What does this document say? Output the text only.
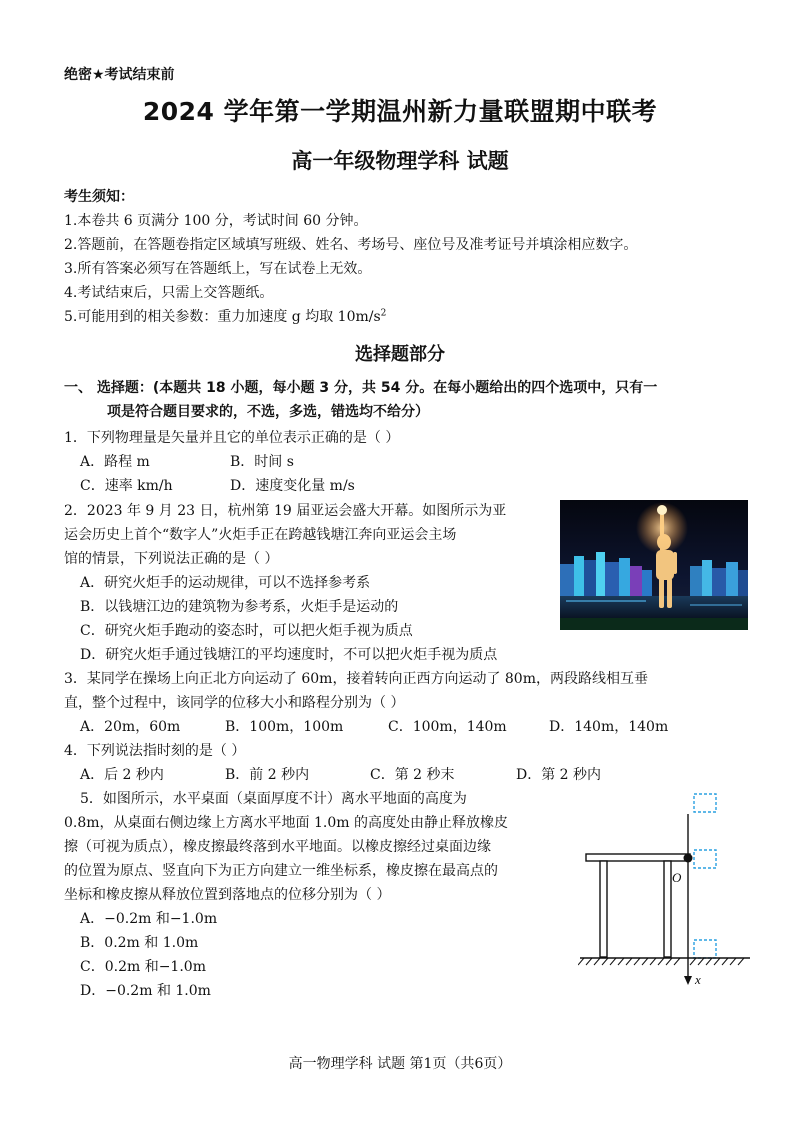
绝密★考试结束前
2024 学年第一学期温州新力量联盟期中联考
高一年级物理学科 试题
考生须知：
1.本卷共 6 页满分 100 分，考试时间 60 分钟。
2.答题前，在答题卷指定区域填写班级、姓名、考场号、座位号及准考证号并填涂相应数字。
3.所有答案必须写在答题纸上，写在试卷上无效。
4.考试结束后，只需上交答题纸。
5.可能用到的相关参数：重力加速度 g 均取 $10m/s^2$
选择题部分
一、 选择题：(本题共 18 小题，每小题 3 分，共 54 分。在每小题给出的四个选项中，只有一
项是符合题目要求的，不选，多选，错选均不给分）
1．下列物理量是矢量并且它的单位表示正确的是（ ）
A．路程 m	B．时间 s
C．速率 km/h	D．速度变化量 m/s
2．2023 年 9 月 23 日，杭州第 19 届亚运会盛大开幕。如图所示为亚
运会历史上首个“数字人”火炬手正在跨越钱塘江奔向亚运会主场
馆的情景，下列说法正确的是（ ）
A．研究火炬手的运动规律，可以不选择参考系
B．以钱塘江边的建筑物为参考系，火炬手是运动的
C．研究火炬手跑动的姿态时，可以把火炬手视为质点
D．研究火炬手通过钱塘江的平均速度时，不可以把火炬手视为质点
3．某同学在操场上向正北方向运动了 60m，接着转向正西方向运动了 80m，两段路线相互垂
直，整个过程中，该同学的位移大小和路程分别为（ ）
A．20m，60m	B．100m，100m	C．100m，140m	D．140m，140m
4．下列说法指时刻的是（ ）
A．后 2 秒内	B．前 2 秒内	C．第 2 秒末	D．第 2 秒内
5．如图所示，水平桌面（桌面厚度不计）离水平地面的高度为
0.8m，从桌面右侧边缘上方离水平地面 1.0m 的高度处由静止释放橡皮
擦（可视为质点），橡皮擦最终落到水平地面。以橡皮擦经过桌面边缘
的位置为原点、竖直向下为正方向建立一维坐标系，橡皮擦在最高点的
坐标和橡皮擦从释放位置到落地点的位移分别为（ ）
A．−0.2m 和−1.0m
B．0.2m 和 1.0m
C．0.2m 和−1.0m
D．−0.2m 和 1.0m
O
x
高一物理学科 试题 第1页（共6页）
